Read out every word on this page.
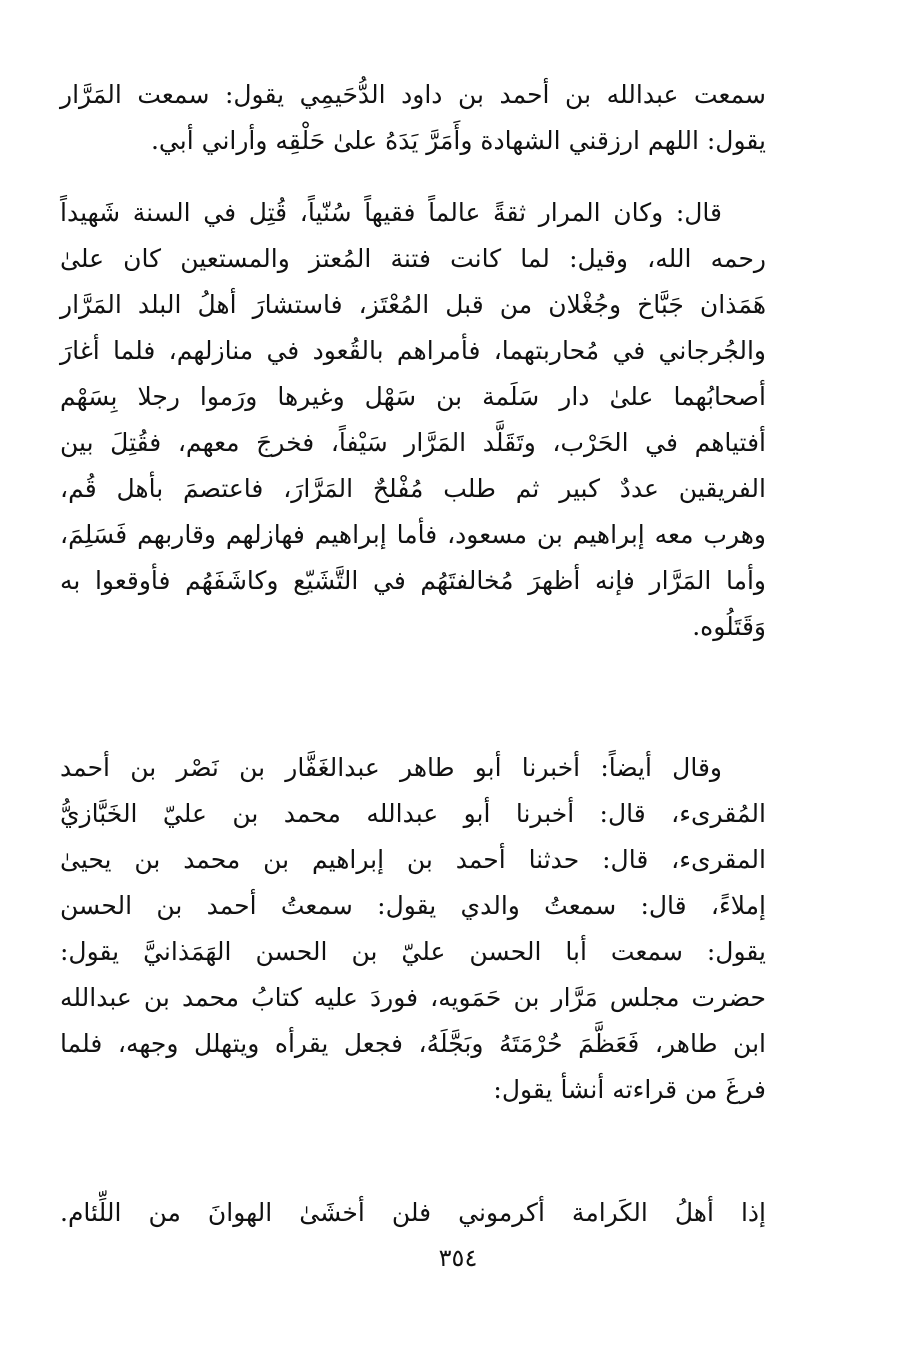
سمعت عبدالله بن أحمد بن داود الدُّحَيمِي يقول: سمعت المَرَّار
يقول: اللهم ارزقني الشهادة وأَمَرَّ يَدَهُ علىٰ حَلْقِه وأراني أبي.
قال: وكان المرار ثقةً عالماً فقيهاً سُنّياً، قُتِل في السنة شَهيداً
رحمه الله، وقيل: لما كانت فتنة المُعتز والمستعين كان علىٰ
هَمَذان جَبَّاخ وجُغْلان من قبل المُعْتَز، فاستشارَ أهلُ البلد المَرَّار
والجُرجاني في مُحاربتهما، فأمراهم بالقُعود في منازلهم، فلما أغارَ
أصحابُهما علىٰ دار سَلَمة بن سَهْل وغيرها ورَموا رجلا بِسَهْم
أفتياهم في الحَرْب، وتَقَلَّد المَرَّار سَيْفاً، فخرجَ معهم، فقُتِلَ بين
الفريقين عددٌ كبير ثم طلب مُفْلحٌ المَرَّارَ، فاعتصمَ بأهل قُم،
وهرب معه إبراهيم بن مسعود، فأما إبراهيم فهازلهم وقاربهم فَسَلِمَ،
وأما المَرَّار فإنه أظهرَ مُخالفتَهُم في التَّشَيّع وكاشَفَهُم فأوقعوا به
وَقَتَلُوه.
وقال أيضاً: أخبرنا أبو طاهر عبدالغَفَّار بن نَصْر بن أحمد
المُقرىء، قال: أخبرنا أبو عبدالله محمد بن عليّ الخَبَّازيُّ
المقرىء، قال: حدثنا أحمد بن إبراهيم بن محمد بن يحيىٰ
إملاءً، قال: سمعتُ والدي يقول: سمعتُ أحمد بن الحسن
يقول: سمعت أبا الحسن عليّ بن الحسن الهَمَذانيَّ يقول:
حضرت مجلس مَرَّار بن حَمَويه، فوردَ عليه كتابُ محمد بن عبدالله
ابن طاهر، فَعَظَّمَ حُرْمَتَهُ وبَجَّلَهُ، فجعل يقرأه ويتهلل وجهه، فلما
فرغَ من قراءته أنشأ يقول:
إذا أهلُ الكَرامة أكرموني فلن أخشَىٰ الهوانَ من اللِّئام.
٣٥٤
